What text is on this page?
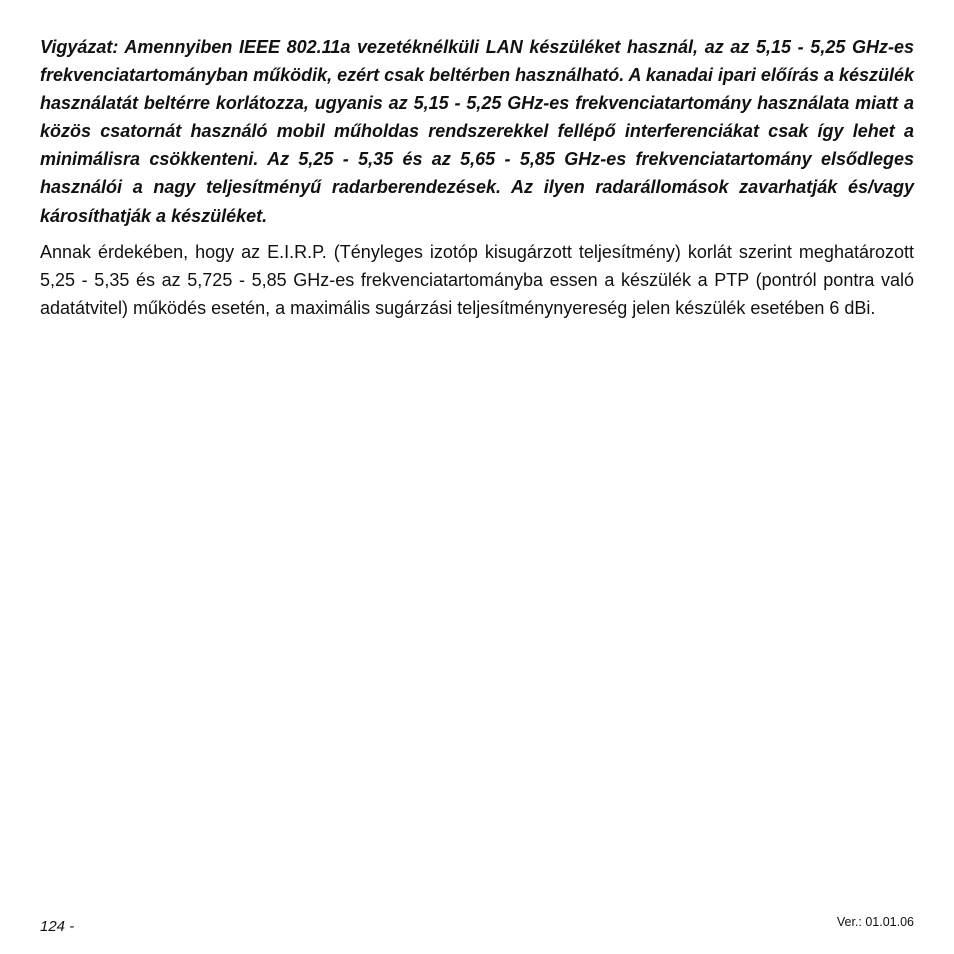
Vigyázat: Amennyiben IEEE 802.11a vezetéknélküli LAN készüléket használ, az az 5,15 - 5,25 GHz-es frekvenciatartományban működik, ezért csak beltérben használható. A kanadai ipari előírás a készülék használatát beltérre korlátozza, ugyanis az 5,15 - 5,25 GHz-es frekvenciatartomány használata miatt a közös csatornát használó mobil műholdas rendszerekkel fellépő interferenciákat csak így lehet a minimálisra csökkenteni. Az 5,25 - 5,35 és az 5,65 - 5,85 GHz-es frekvenciatartomány elsődleges használói a nagy teljesítményű radarberendezések. Az ilyen radarállomások zavarhatják és/vagy károsíthatják a készüléket.

Annak érdekében, hogy az E.I.R.P. (Tényleges izotóp kisugárzott teljesítmény) korlát szerint meghatározott 5,25 - 5,35 és az 5,725 - 5,85 GHz-es frekvenciatartományba essen a készülék a PTP (pontról pontra való adatátvitel) működés esetén, a maximális sugárzási teljesítménynyereség jelen készülék esetében 6 dBi.

124 -	Ver.: 01.01.06
